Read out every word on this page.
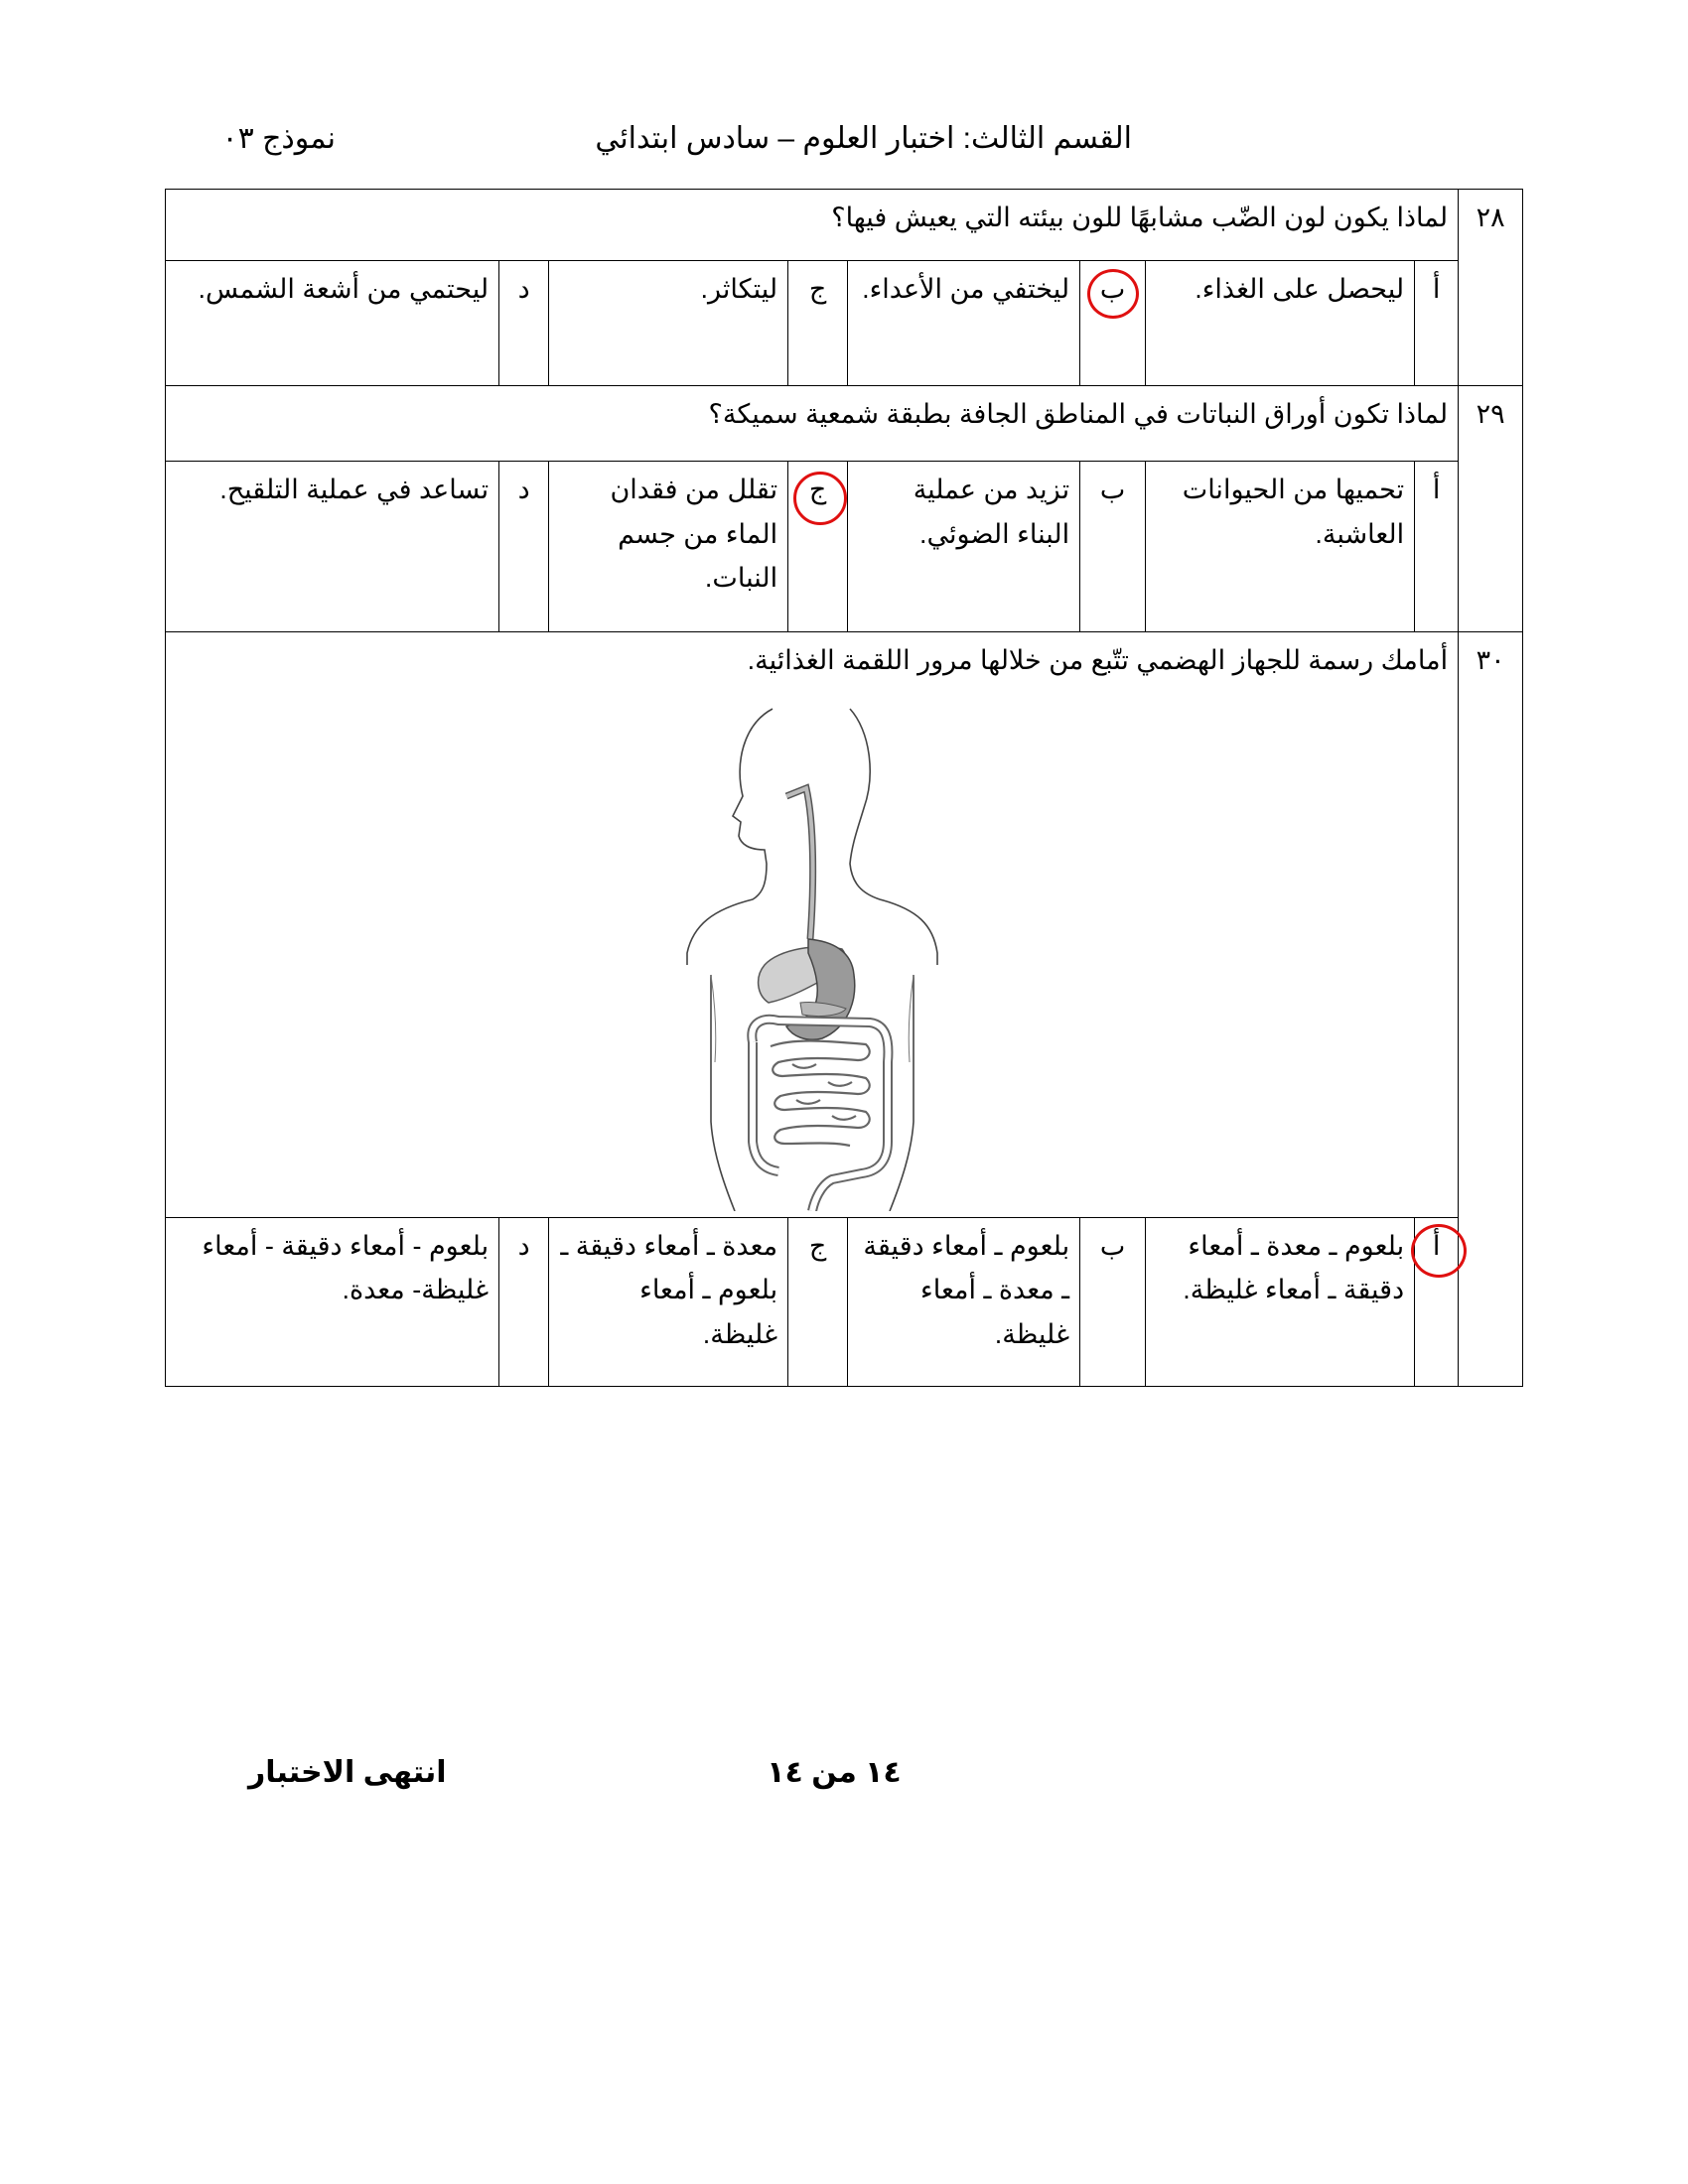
القسم الثالث: اختبار العلوم – سادس ابتدائي
نموذج ٠٣
٢٨	لماذا يكون لون الضّب مشابهًا للون بيئته التي يعيش فيها؟							
	أ	ليحصل على الغذاء.	ب	ليختفي من الأعداء.	ج	ليتكاثر.	د	ليحتمي من أشعة الشمس.
٢٩	لماذا تكون أوراق النباتات في المناطق الجافة بطبقة شمعية سميكة؟							
	أ	تحميها من الحيوانات العاشبة.	ب	تزيد من عملية البناء الضوئي.	ج	تقلل من فقدان الماء من جسم النبات.	د	تساعد في عملية التلقيح.
٣٠	أمامك رسمة للجهاز الهضمي تتّبع من خلالها مرور اللقمة الغذائية.							

	أ	بلعوم ـ معدة ـ أمعاء دقيقة ـ أمعاء غليظة.	ب	بلعوم ـ أمعاء دقيقة ـ معدة ـ أمعاء غليظة.	ج	معدة ـ أمعاء دقيقة ـ بلعوم ـ أمعاء غليظة.	د	بلعوم - أمعاء دقيقة - أمعاء غليظة- معدة.
انتهى الاختبار	١٤ من ١٤
